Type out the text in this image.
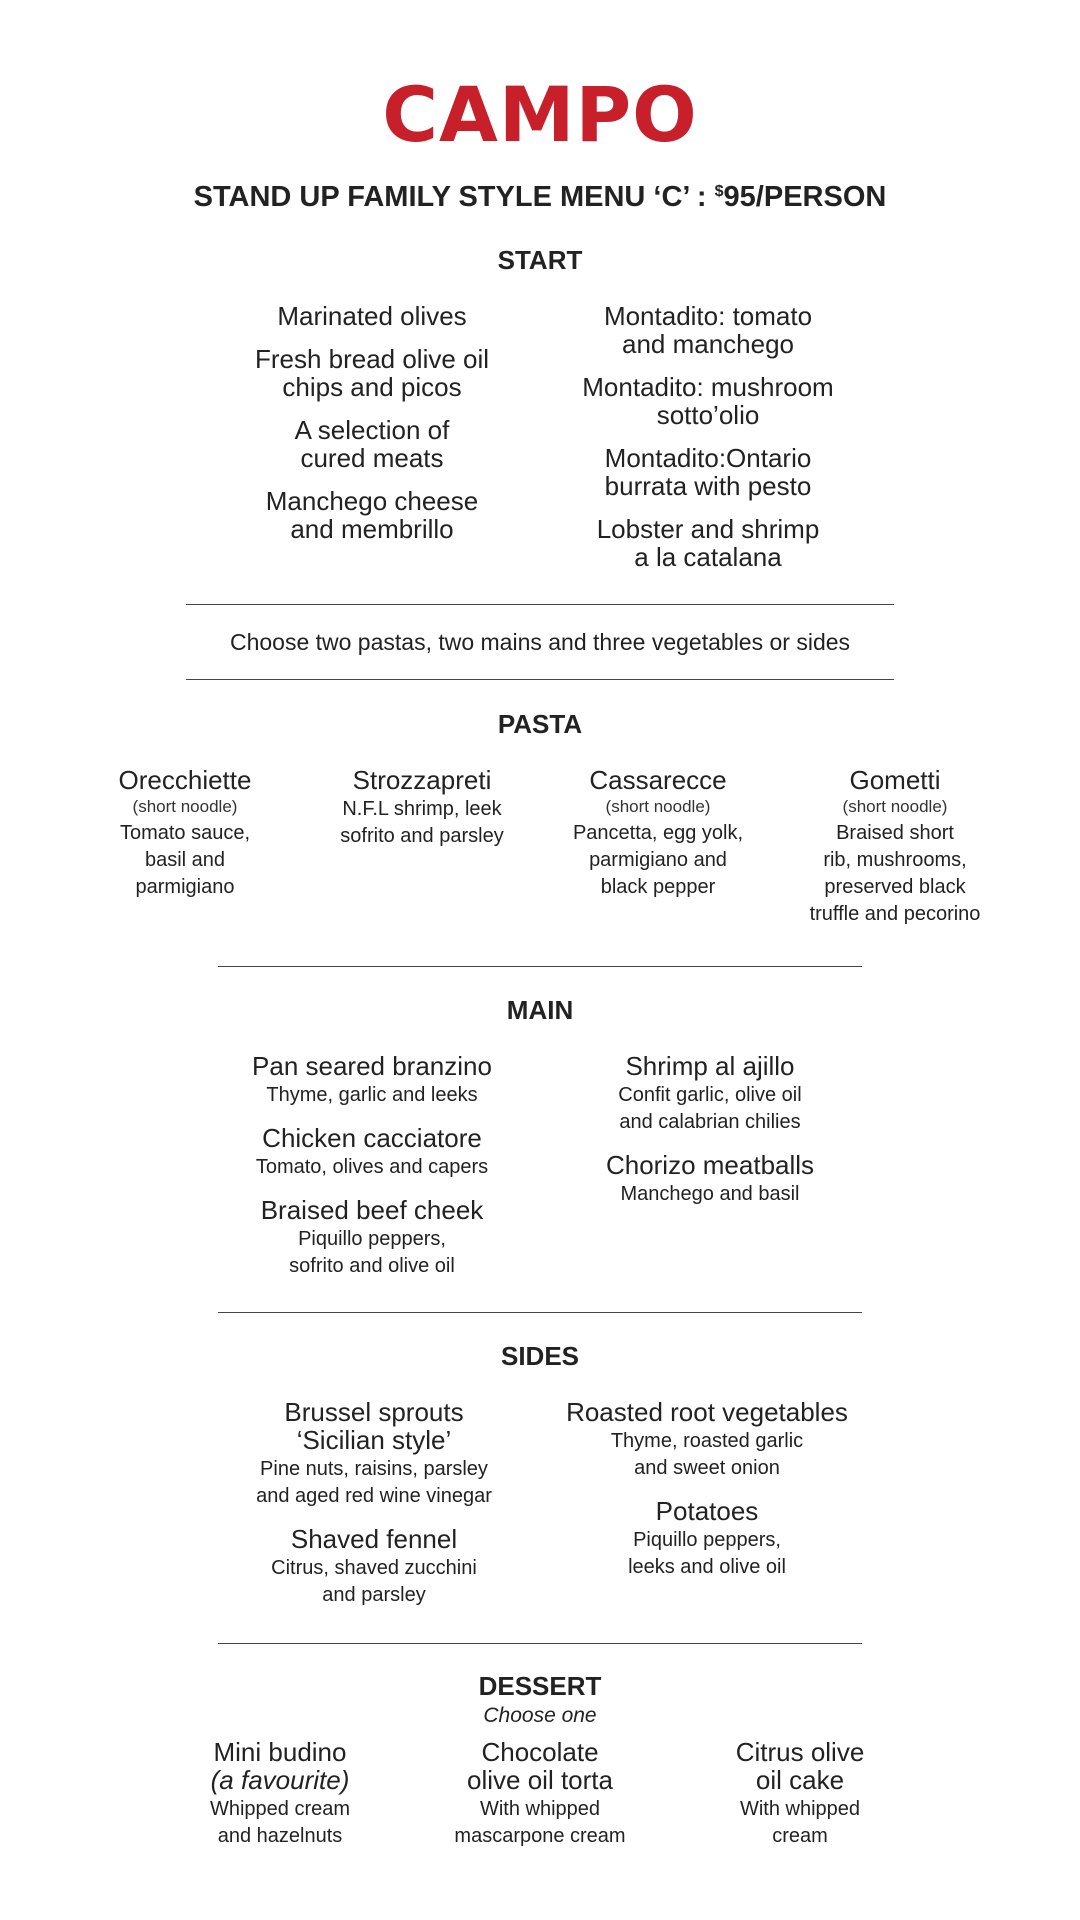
CAMPO
STAND UP FAMILY STYLE MENU ‘C’ : $95/PERSON
START
Marinated olives
Fresh bread olive oil
chips and picos
A selection of
cured meats
Manchego cheese
and membrillo
Montadito: tomato
and manchego
Montadito: mushroom
sotto’olio
Montadito:Ontario
burrata with pesto
Lobster and shrimp
a la catalana
Choose two pastas, two mains and three vegetables or sides
PASTA
Orecchiette
(short noodle)
Tomato sauce,
basil and
parmigiano
Strozzapreti
N.F.L shrimp, leek
sofrito and parsley
Cassarecce
(short noodle)
Pancetta, egg yolk,
parmigiano and
black pepper
Gometti
(short noodle)
Braised short
rib, mushrooms,
preserved black
truffle and pecorino
MAIN
Pan seared branzino
Thyme, garlic and leeks
Chicken cacciatore
Tomato, olives and capers
Braised beef cheek
Piquillo peppers,
sofrito and olive oil
Shrimp al ajillo
Confit garlic, olive oil
and calabrian chilies
Chorizo meatballs
Manchego and basil
SIDES
Brussel sprouts
‘Sicilian style’
Pine nuts, raisins, parsley
and aged red wine vinegar
Shaved fennel
Citrus, shaved zucchini
and parsley
Roasted root vegetables
Thyme, roasted garlic
and sweet onion
Potatoes
Piquillo peppers,
leeks and olive oil
DESSERT
Choose one
Mini budino
(a favourite)
Whipped cream
and hazelnuts
Chocolate
olive oil torta
With whipped
mascarpone cream
Citrus olive
oil cake
With whipped
cream
